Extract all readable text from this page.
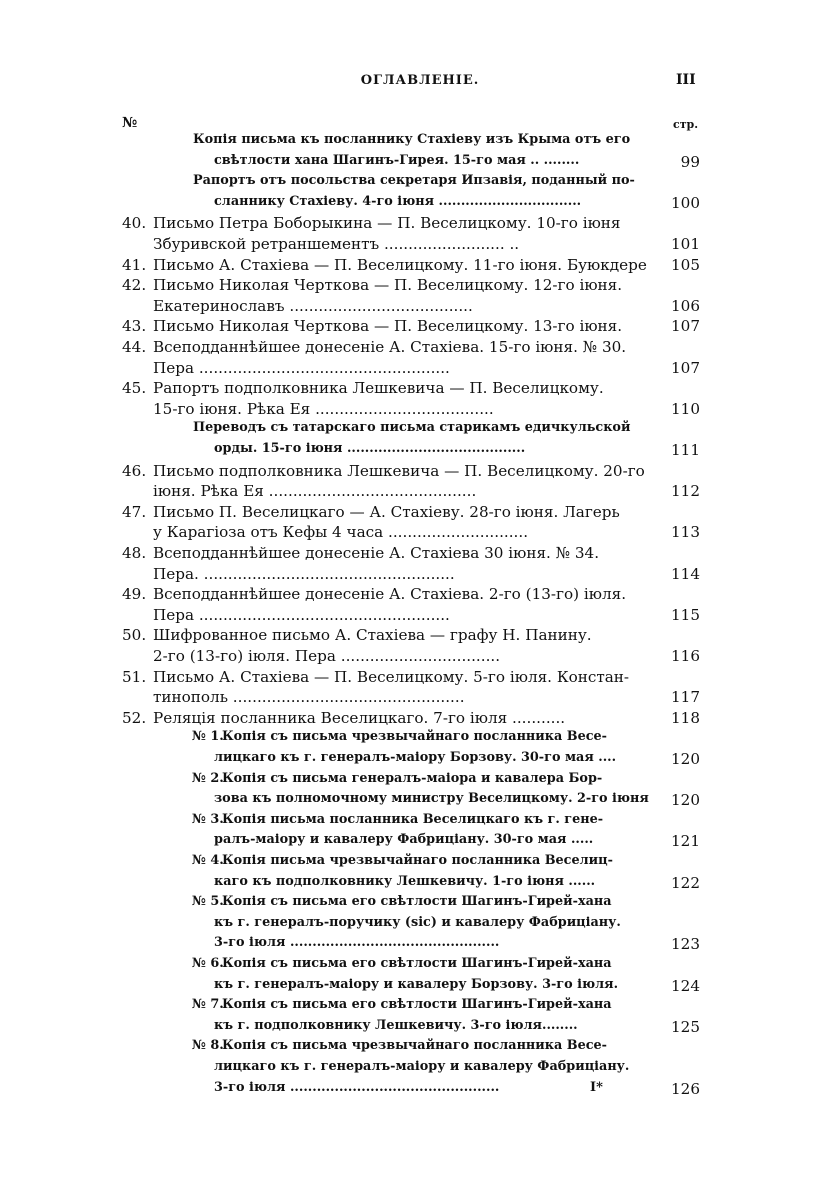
ОГЛАВЛЕНІЕ.	III
№	стр.
Копія письма къ посланнику Стахіеву изъ Крыма отъ его
свѣтлости хана Шагинъ-Гирея. 15-го мая .. ........	99
Рапортъ отъ посольства секретаря Ипзавія, поданный по-
сланнику Стахіеву. 4-го іюня ................................	100
40. Письмо Петра Боборыкина — П. Веселицкому. 10-го іюня
Збуривской ретраншементъ ......................... ..	101
41. Письмо А. Стахіева — П. Веселицкому. 11-го іюня. Буюкдере 105
42. Письмо Николая Черткова — П. Веселицкому. 12-го іюня.
Екатеринославъ ......................................	106
43. Письмо Николая Черткова — П. Веселицкому. 13-го іюня.	107
44. Всеподданнѣйшее донесеніе А. Стахіева. 15-го іюня. № 30.
Пера ....................................................	107
45. Рапортъ подполковника Лешкевича — П. Веселицкому.
15-го іюня. Рѣка Ея .....................................	110
Переводъ съ татарскаго письма старикамъ едичкульской
орды. 15-го іюня ........................................	111
46. Письмо подполковника Лешкевича — П. Веселицкому. 20-го
іюня. Рѣка Ея ...........................................	112
47. Письмо П. Веселицкаго — А. Стахіеву. 28-го іюня. Лагерь
у Карагіоза отъ Кефы 4 часа .............................	113
48. Всеподданнѣйшее донесеніе А. Стахіева 30 іюня. № 34.
Пера. ....................................................	114
49. Всеподданнѣйшее донесеніе А. Стахіева. 2-го (13-го) іюля.
Пера ....................................................	115
50. Шифрованное письмо А. Стахіева — графу Н. Панину.
2-го (13-го) іюля. Пера .................................	116
51. Письмо А. Стахіева — П. Веселицкому. 5-го іюля. Констан-
тинополь ................................................	117
52. Реляція посланника Веселицкаго. 7-го іюля ...........	118
№ 1.
Копія съ письма чрезвычайнаго посланника Весе-
лицкаго къ г. генералъ-маіору Борзову. 30-го мая ....	120
№ 2.
Копія съ письма генералъ-маіора и кавалера Бор-
зова къ полномочному министру Веселицкому. 2-го іюня 120
№ 3.
Копія письма посланника Веселицкаго къ г. гене-
ралъ-маіору и кавалеру Фабриціану. 30-го мая .....	121
№ 4.
Копія письма чрезвычайнаго посланника Веселиц-
каго къ подполковнику Лешкевичу. 1-го іюня ......	122
№ 5.
Копія съ письма его свѣтлости Шагинъ-Гирей-хана
къ г. генералъ-поручику (sic) и кавалеру Фабриціану.
3-го іюля ...............................................	123
№ 6.
Копія съ письма его свѣтлости Шагинъ-Гирей-хана
къ г. генералъ-маіору и кавалеру Борзову. 3-го іюля.	124
№ 7.
Копія съ письма его свѣтлости Шагинъ-Гирей-хана
къ г. подполковнику Лешкевичу. 3-го іюля........	125
№ 8.
Копія съ письма чрезвычайнаго посланника Весе-
лицкаго къ г. генералъ-маіору и кавалеру Фабриціану.
3-го іюля ...............................................	126
I*
